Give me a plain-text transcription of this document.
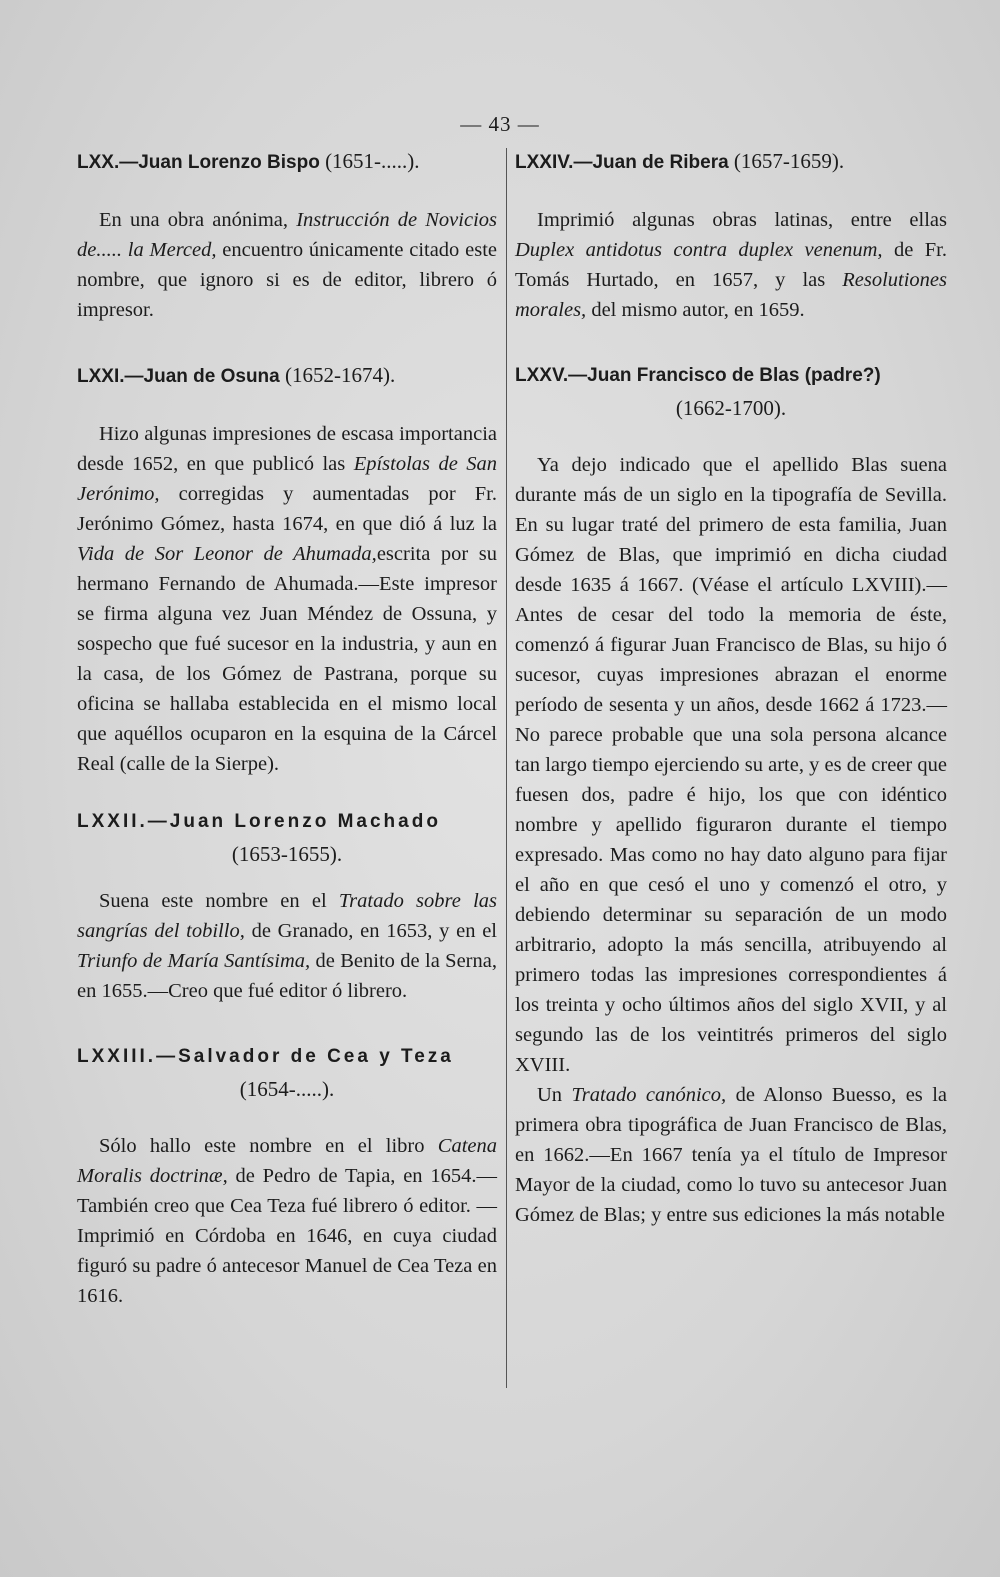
— 43 —
LXX.—Juan Lorenzo Bispo (1651-.....).

En una obra anónima, Instrucción de Novicios de..... la Merced, encuentro únicamente citado este nombre, que ignoro si es de editor, librero ó impresor.

LXXI.—Juan de Osuna (1652-1674).

Hizo algunas impresiones de escasa importancia desde 1652, en que publicó las Epístolas de San Jerónimo, corregidas y aumentadas por Fr. Jerónimo Gómez, hasta 1674, en que dió á luz la Vida de Sor Leonor de Ahumada,escrita por su hermano Fernando de Ahumada.—Este impresor se firma alguna vez Juan Méndez de Ossuna, y sospecho que fué sucesor en la industria, y aun en la casa, de los Gómez de Pastrana, porque su oficina se hallaba establecida en el mismo local que aquéllos ocuparon en la esquina de la Cárcel Real (calle de la Sierpe).

LXXII.—Juan Lorenzo Machado
(1653-1655).

Suena este nombre en el Tratado sobre las sangrías del tobillo, de Granado, en 1653, y en el Triunfo de María Santísima, de Benito de la Serna, en 1655.—Creo que fué editor ó librero.

LXXIII.—Salvador de Cea y Teza
(1654-.....).

Sólo hallo este nombre en el libro Catena Moralis doctrinæ, de Pedro de Tapia, en 1654.—También creo que Cea Teza fué librero ó editor. — Imprimió en Córdoba en 1646, en cuya ciudad figuró su padre ó antecesor Manuel de Cea Teza en 1616.

LXXIV.—Juan de Ribera (1657-1659).

Imprimió algunas obras latinas, entre ellas Duplex antidotus contra duplex venenum, de Fr. Tomás Hurtado, en 1657, y las Resolutiones morales, del mismo autor, en 1659.

LXXV.—Juan Francisco de Blas (padre?)
(1662-1700).

Ya dejo indicado que el apellido Blas suena durante más de un siglo en la tipografía de Sevilla. En su lugar traté del primero de esta familia, Juan Gómez de Blas, que imprimió en dicha ciudad desde 1635 á 1667. (Véase el artículo LXVIII).—Antes de cesar del todo la memoria de éste, comenzó á figurar Juan Francisco de Blas, su hijo ó sucesor, cuyas impresiones abrazan el enorme período de sesenta y un años, desde 1662 á 1723.—No parece probable que una sola persona alcance tan largo tiempo ejerciendo su arte, y es de creer que fuesen dos, padre é hijo, los que con idéntico nombre y apellido figuraron durante el tiempo expresado. Mas como no hay dato alguno para fijar el año en que cesó el uno y comenzó el otro, y debiendo determinar su separación de un modo arbitrario, adopto la más sencilla, atribuyendo al primero todas las impresiones correspondientes á los treinta y ocho últimos años del siglo XVII, y al segundo las de los veintitrés primeros del siglo XVIII.

Un Tratado canónico, de Alonso Buesso, es la primera obra tipográfica de Juan Francisco de Blas, en 1662.—En 1667 tenía ya el título de Impresor Mayor de la ciudad, como lo tuvo su antecesor Juan Gómez de Blas; y entre sus ediciones la más notable
